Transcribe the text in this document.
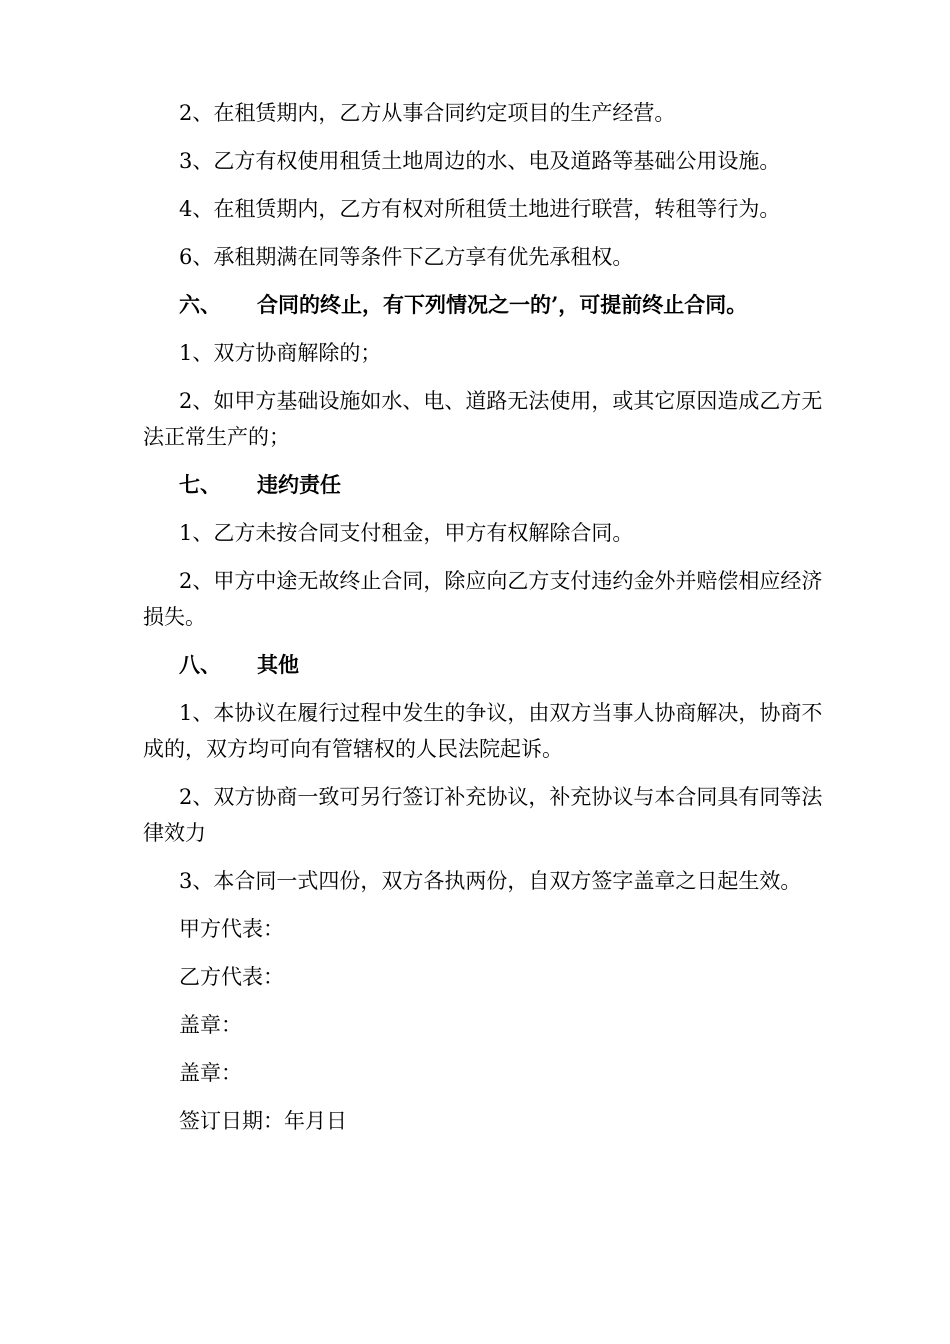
2、在租赁期内，乙方从事合同约定项目的生产经营。

3、乙方有权使用租赁土地周边的水、电及道路等基础公用设施。

4、在租赁期内，乙方有权对所租赁土地进行联营，转租等行为。

6、承租期满在同等条件下乙方享有优先承租权。

六、	合同的终止，有下列情况之一的’，可提前终止合同。

1、双方协商解除的；

2、如甲方基础设施如水、电、道路无法使用，或其它原因造成乙方无法正常生产的；

七、	违约责任

1、乙方未按合同支付租金，甲方有权解除合同。

2、甲方中途无故终止合同，除应向乙方支付违约金外并赔偿相应经济损失。

八、	其他

1、本协议在履行过程中发生的争议，由双方当事人协商解决，协商不成的，双方均可向有管辖权的人民法院起诉。

2、双方协商一致可另行签订补充协议，补充协议与本合同具有同等法律效力

3、本合同一式四份，双方各执两份，自双方签字盖章之日起生效。

甲方代表：
乙方代表：
盖章：
盖章：
签订日期：年月日
